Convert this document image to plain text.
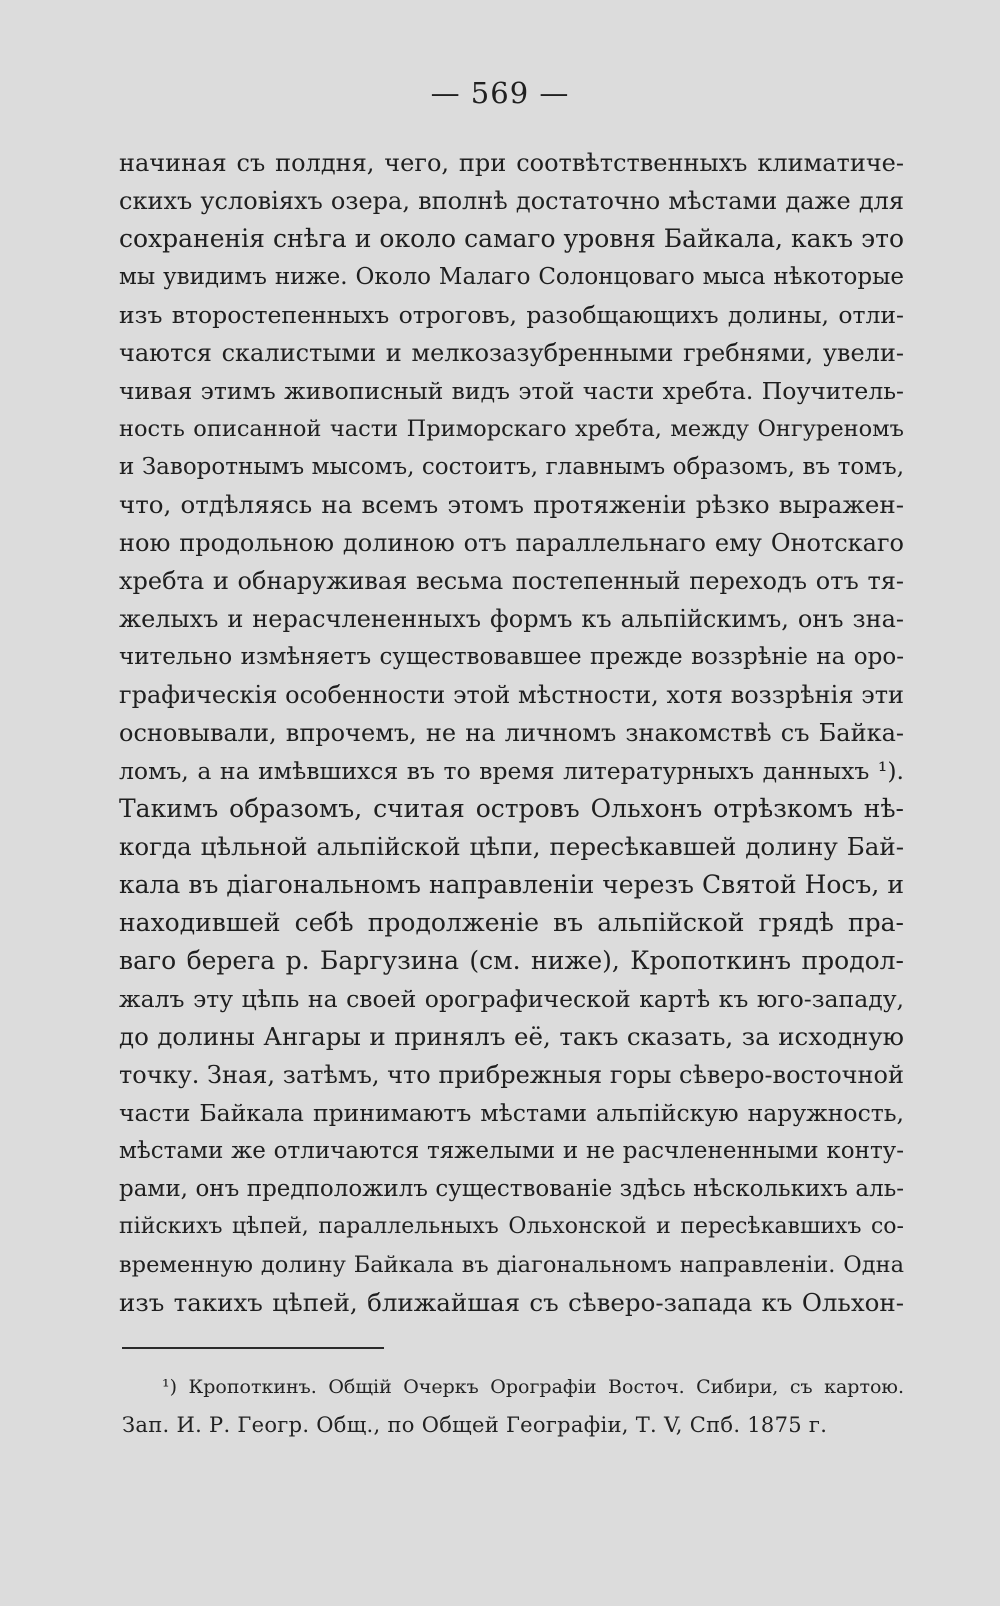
— 569 —
начиная съ полдня, чего, при соотвѣтственныхъ климатиче-
скихъ условіяхъ озера, вполнѣ достаточно мѣстами даже для
сохраненія снѣга и около самаго уровня Байкала, какъ это
мы увидимъ ниже. Около Малаго Солонцоваго мыса нѣкоторые
изъ второстепенныхъ отроговъ, разобщающихъ долины, отли-
чаются скалистыми и мелкозазубренными гребнями, увели-
чивая этимъ живописный видъ этой части хребта. Поучитель-
ность описанной части Приморскаго хребта, между Онгуреномъ
и Заворотнымъ мысомъ, состоитъ, главнымъ образомъ, въ томъ,
что, отдѣляясь на всемъ этомъ протяженіи рѣзко выражен-
ною продольною долиною отъ параллельнаго ему Онотскаго
хребта и обнаруживая весьма постепенный переходъ отъ тя-
желыхъ и нерасчлененныхъ формъ къ альпійскимъ, онъ зна-
чительно измѣняетъ существовавшее прежде воззрѣніе на оро-
графическія особенности этой мѣстности, хотя воззрѣнія эти
основывали, впрочемъ, не на личномъ знакомствѣ съ Байка-
ломъ, а на имѣвшихся въ то время литературныхъ данныхъ ¹).
Такимъ образомъ, считая островъ Ольхонъ отрѣзкомъ нѣ-
когда цѣльной альпійской цѣпи, пересѣкавшей долину Бай-
кала въ діагональномъ направленіи черезъ Святой Носъ, и
находившей себѣ продолженіе въ альпійской грядѣ пра-
ваго берега р. Баргузина (см. ниже), Кропоткинъ продол-
жалъ эту цѣпь на своей орографической картѣ къ юго-западу,
до долины Ангары и принялъ её, такъ сказать, за исходную
точку. Зная, затѣмъ, что прибрежныя горы сѣверо-восточной
части Байкала принимаютъ мѣстами альпійскую наружность,
мѣстами же отличаются тяжелыми и не расчлененными конту-
рами, онъ предположилъ существованіе здѣсь нѣсколькихъ аль-
пійскихъ цѣпей, параллельныхъ Ольхонской и пересѣкавшихъ со-
временную долину Байкала въ діагональномъ направленіи. Одна
изъ такихъ цѣпей, ближайшая съ сѣверо-запада къ Ольхон-
¹) Кропоткинъ. Общій Очеркъ Орографіи Восточ. Сибири, съ картою.
Зап. И. Р. Геогр. Общ., по Общей Географіи, Т. V, Спб. 1875 г.
